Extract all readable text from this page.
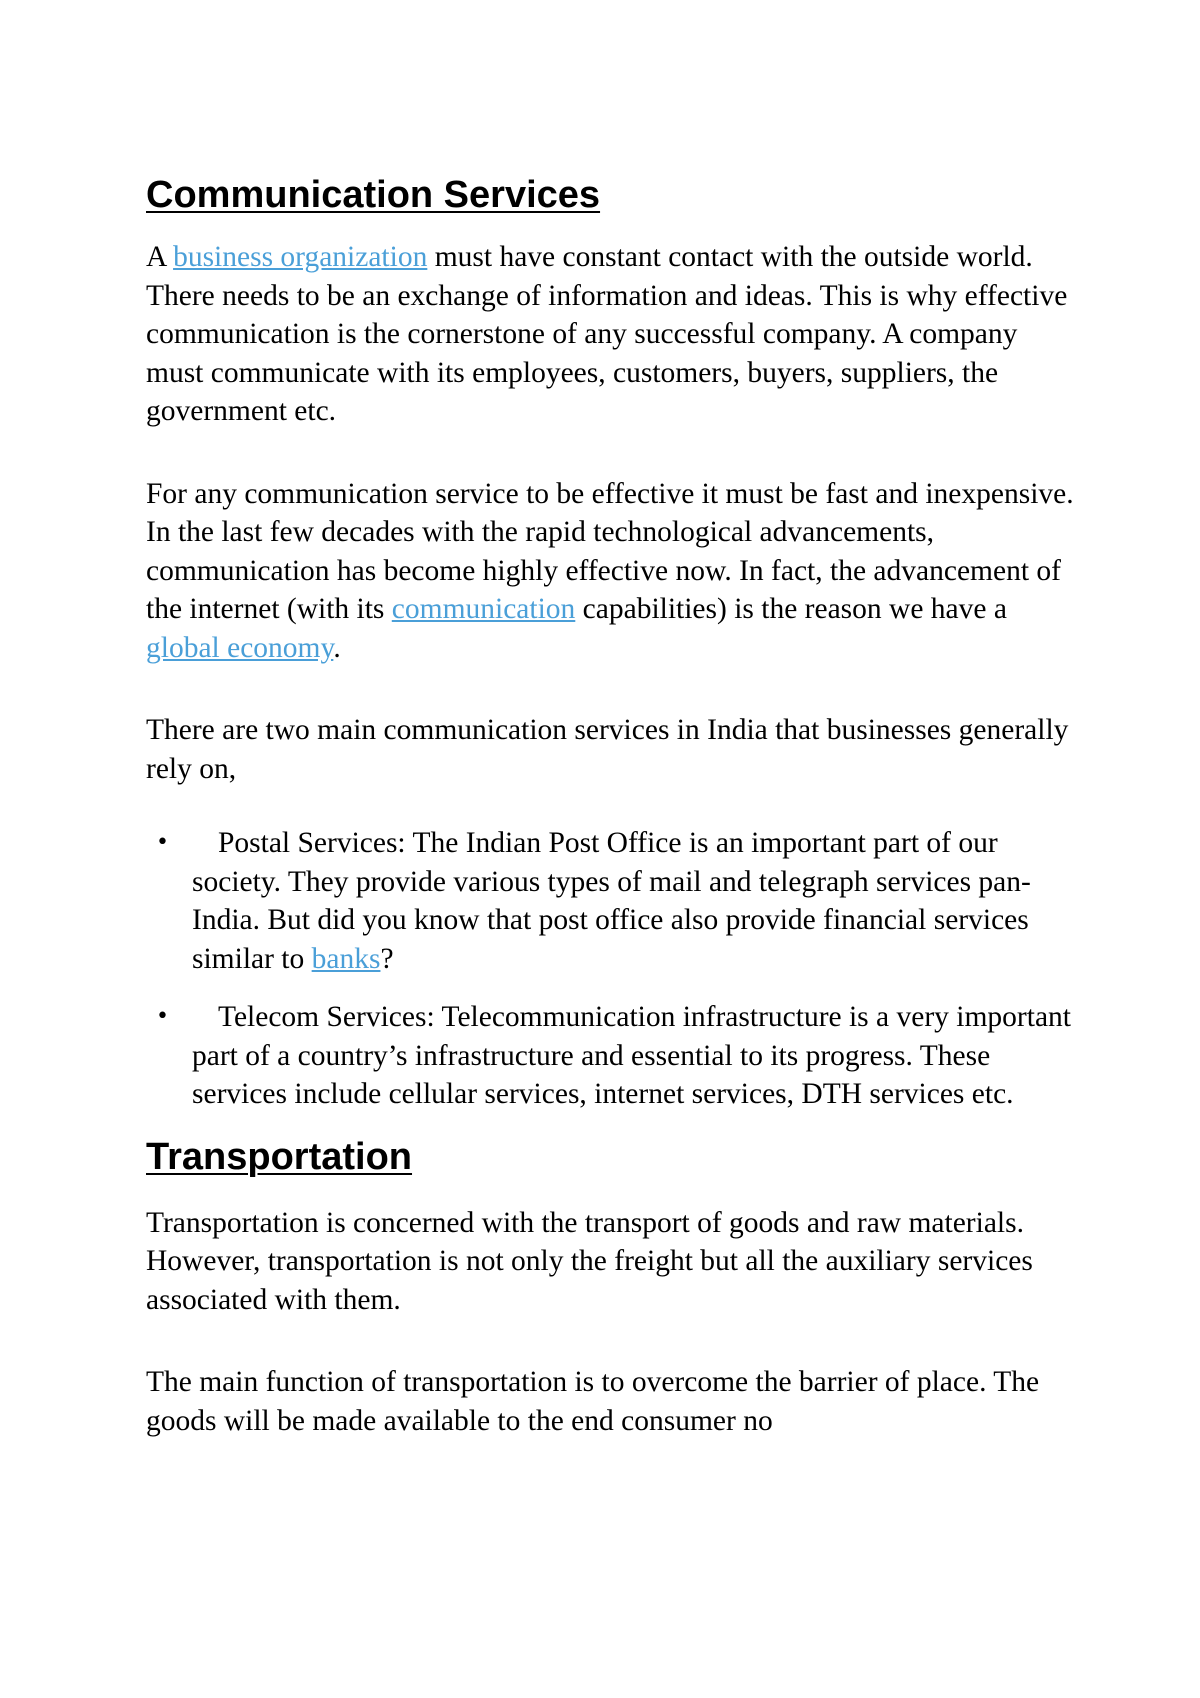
Communication Services

A business organization must have constant contact with the outside world. There needs to be an exchange of information and ideas. This is why effective communication is the cornerstone of any successful company. A company must communicate with its employees, customers, buyers, suppliers, the government etc.

For any communication service to be effective it must be fast and inexpensive. In the last few decades with the rapid technological advancements, communication has become highly effective now. In fact, the advancement of the internet (with its communication capabilities) is the reason we have a global economy.

There are two main communication services in India that businesses generally rely on,

• Postal Services: The Indian Post Office is an important part of our society. They provide various types of mail and telegraph services pan-India. But did you know that post office also provide financial services similar to banks?
• Telecom Services: Telecommunication infrastructure is a very important part of a country’s infrastructure and essential to its progress. These services include cellular services, internet services, DTH services etc.
Transportation

Transportation is concerned with the transport of goods and raw materials. However, transportation is not only the freight but all the auxiliary services associated with them.

The main function of transportation is to overcome the barrier of place. The goods will be made available to the end consumer no
